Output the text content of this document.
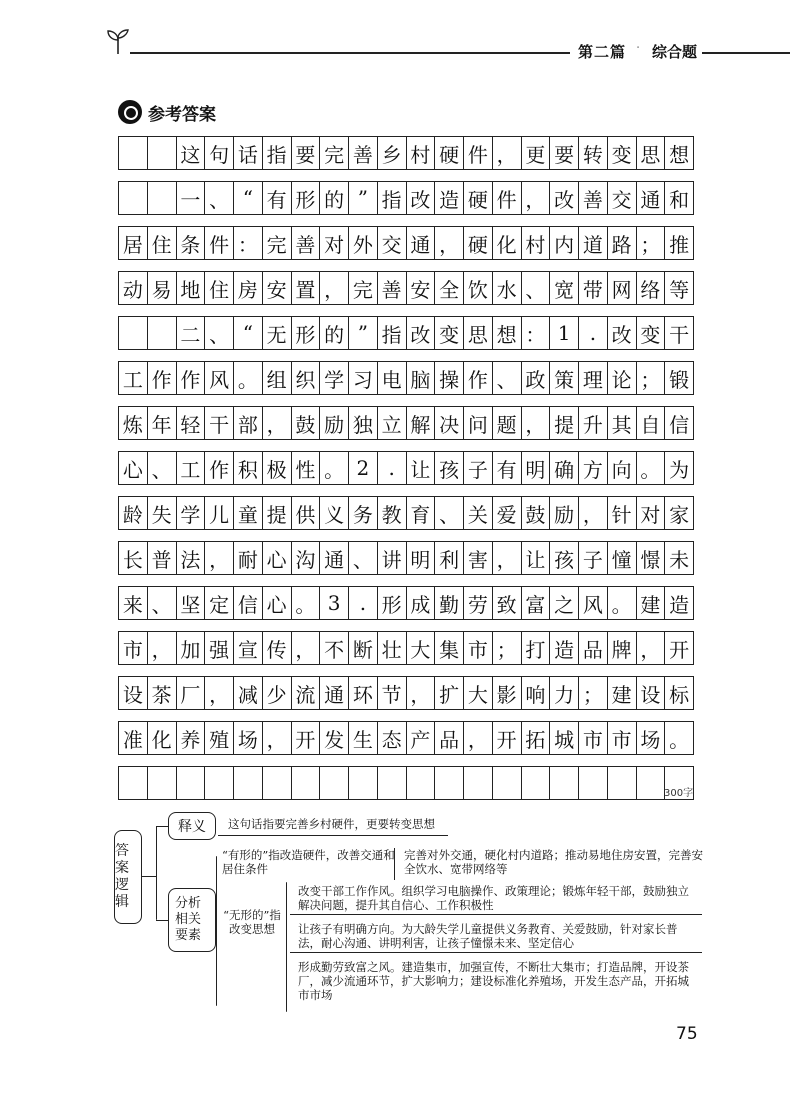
第二篇 · 综合题
参考答案
这 句 话 指 要 完 善 乡 村 硬 件 ， 更 要 转 变 思 想
一 、 “ 有 形 的 ” 指 改 造 硬 件 ， 改 善 交 通 和
居 住 条 件 ： 完 善 对 外 交 通 ， 硬 化 村 内 道 路 ； 推
动 易 地 住 房 安 置 ， 完 善 安 全 饮 水 、 宽 带 网 络 等
二 、 “ 无 形 的 ” 指 改 变 思 想 ： 1 . 改 变 干
工 作 作 风 。 组 织 学 习 电 脑 操 作 、 政 策 理 论 ； 锻
炼 年 轻 干 部 ， 鼓 励 独 立 解 决 问 题 ， 提 升 其 自 信
心 、 工 作 积 极 性 。 2 . 让 孩 子 有 明 确 方 向 。 为
龄 失 学 儿 童 提 供 义 务 教 育 、 关 爱 鼓 励 ， 针 对 家
长 普 法 ， 耐 心 沟 通 、 讲 明 利 害 ， 让 孩 子 憧 憬 未
来 、 坚 定 信 心 。 3 . 形 成 勤 劳 致 富 之 风 。 建 造
市 ， 加 强 宣 传 ， 不 断 壮 大 集 市 ； 打 造 品 牌 ， 开
设 茶 厂 ， 减 少 流 通 环 节 ， 扩 大 影 响 力 ； 建 设 标
准 化 养 殖 场 ， 开 发 生 态 产 品 ， 开 拓 城 市 市 场 。
300字
答案逻辑
释义	这句话指要完善乡村硬件，更要转变思想
分析相关要素
“有形的”指改造硬件，改善交通和居住条件
完善对外交通，硬化村内道路；推动易地住房安置，完善安全饮水、宽带网络等
“无形的”指改变思想
改变干部工作作风。组织学习电脑操作、政策理论；锻炼年轻干部，鼓励独立解决问题，提升其自信心、工作积极性
让孩子有明确方向。为大龄失学儿童提供义务教育、关爱鼓励，针对家长普法，耐心沟通、讲明利害，让孩子憧憬未来、坚定信心
形成勤劳致富之风。建造集市，加强宣传，不断壮大集市；打造品牌，开设茶厂，减少流通环节，扩大影响力；建设标准化养殖场，开发生态产品，开拓城市市场
75
